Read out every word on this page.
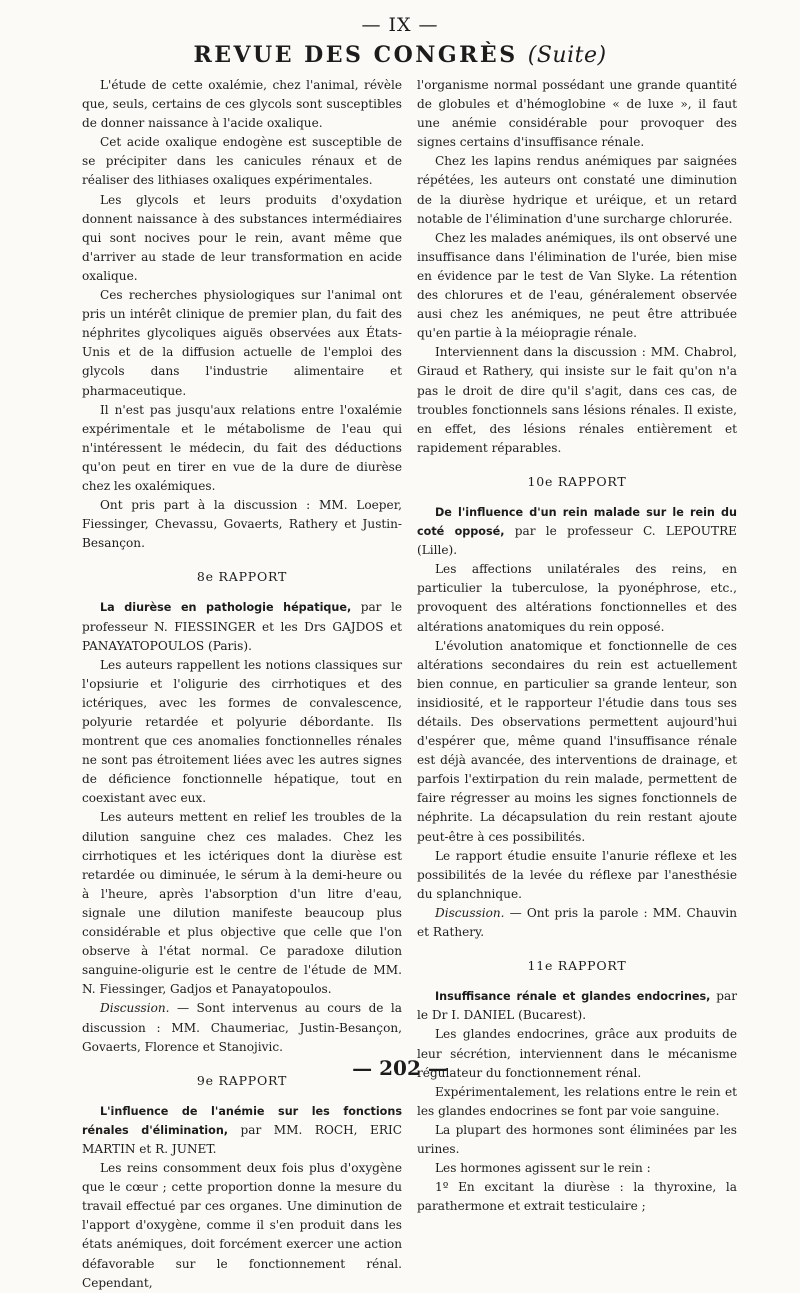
— IX —
REVUE DES CONGRÈS (Suite)

L'étude de cette oxalémie, chez l'animal, révèle que, seuls, certains de ces glycols sont susceptibles de donner naissance à l'acide oxalique.

Cet acide oxalique endogène est susceptible de se précipiter dans les canicules rénaux et de réaliser des lithiases oxaliques expérimentales.

Les glycols et leurs produits d'oxydation donnent naissance à des substances intermédiaires qui sont nocives pour le rein, avant même que d'arriver au stade de leur transformation en acide oxalique.

Ces recherches physiologiques sur l'animal ont pris un intérêt clinique de premier plan, du fait des néphrites glycoliques aiguës observées aux États-Unis et de la diffusion actuelle de l'emploi des glycols dans l'industrie alimentaire et pharmaceutique.

Il n'est pas jusqu'aux relations entre l'oxalémie expérimentale et le métabolisme de l'eau qui n'intéressent le médecin, du fait des déductions qu'on peut en tirer en vue de la dure de diurèse chez les oxalémiques.

Ont pris part à la discussion : MM. Loeper, Fiessinger, Chevassu, Govaerts, Rathery et Justin-Besançon.

8e RAPPORT

La diurèse en pathologie hépatique, par le professeur N. FIESSINGER et les Drs GAJDOS et PANAYATOPOULOS (Paris).

Les auteurs rappellent les notions classiques sur l'opsiurie et l'oligurie des cirrhotiques et des ictériques, avec les formes de convalescence, polyurie retardée et polyurie débordante. Ils montrent que ces anomalies fonctionnelles rénales ne sont pas étroitement liées avec les autres signes de déficience fonctionnelle hépatique, tout en coexistant avec eux.

Les auteurs mettent en relief les troubles de la dilution sanguine chez ces malades. Chez les cirrhotiques et les ictériques dont la diurèse est retardée ou diminuée, le sérum à la demi-heure ou à l'heure, après l'absorption d'un litre d'eau, signale une dilution manifeste beaucoup plus considérable et plus objective que celle que l'on observe à l'état normal. Ce paradoxe dilution sanguine-oligurie est le centre de l'étude de MM. N. Fiessinger, Gadjos et Panayatopoulos.

Discussion. — Sont intervenus au cours de la discussion : MM. Chaumeriac, Justin-Besançon, Govaerts, Florence et Stanojivic.

9e RAPPORT

L'influence de l'anémie sur les fonctions rénales d'élimination, par MM. ROCH, ERIC MARTIN et R. JUNET.

Les reins consomment deux fois plus d'oxygène que le cœur ; cette proportion donne la mesure du travail effectué par ces organes. Une diminution de l'apport d'oxygène, comme il s'en produit dans les états anémiques, doit forcément exercer une action défavorable sur le fonctionnement rénal. Cependant,

l'organisme normal possédant une grande quantité de globules et d'hémoglobine « de luxe », il faut une anémie considérable pour provoquer des signes certains d'insuffisance rénale.

Chez les lapins rendus anémiques par saignées répétées, les auteurs ont constaté une diminution de la diurèse hydrique et uréique, et un retard notable de l'élimination d'une surcharge chlorurée.

Chez les malades anémiques, ils ont observé une insuffisance dans l'élimination de l'urée, bien mise en évidence par le test de Van Slyke. La rétention des chlorures et de l'eau, généralement observée ausi chez les anémiques, ne peut être attribuée qu'en partie à la méiopragie rénale.

Interviennent dans la discussion : MM. Chabrol, Giraud et Rathery, qui insiste sur le fait qu'on n'a pas le droit de dire qu'il s'agit, dans ces cas, de troubles fonctionnels sans lésions rénales. Il existe, en effet, des lésions rénales entièrement et rapidement réparables.

10e RAPPORT

De l'influence d'un rein malade sur le rein du coté opposé, par le professeur C. LEPOUTRE (Lille).

Les affections unilatérales des reins, en particulier la tuberculose, la pyonéphrose, etc., provoquent des altérations fonctionnelles et des altérations anatomiques du rein opposé.

L'évolution anatomique et fonctionnelle de ces altérations secondaires du rein est actuellement bien connue, en particulier sa grande lenteur, son insidiosité, et le rapporteur l'étudie dans tous ses détails. Des observations permettent aujourd'hui d'espérer que, même quand l'insuffisance rénale est déjà avancée, des interventions de drainage, et parfois l'extirpation du rein malade, permettent de faire régresser au moins les signes fonctionnels de néphrite. La décapsulation du rein restant ajoute peut-être à ces possibilités.

Le rapport étudie ensuite l'anurie réflexe et les possibilités de la levée du réflexe par l'anesthésie du splanchnique.

Discussion. — Ont pris la parole : MM. Chauvin et Rathery.

11e RAPPORT

Insuffisance rénale et glandes endocrines, par le Dr I. DANIEL (Bucarest).

Les glandes endocrines, grâce aux produits de leur sécrétion, interviennent dans le mécanisme régulateur du fonctionnement rénal.

Expérimentalement, les relations entre le rein et les glandes endocrines se font par voie sanguine.

La plupart des hormones sont éliminées par les urines.

Les hormones agissent sur le rein :

1º En excitant la diurèse : la thyroxine, la parathermone et extrait testiculaire ;

— 202 —
